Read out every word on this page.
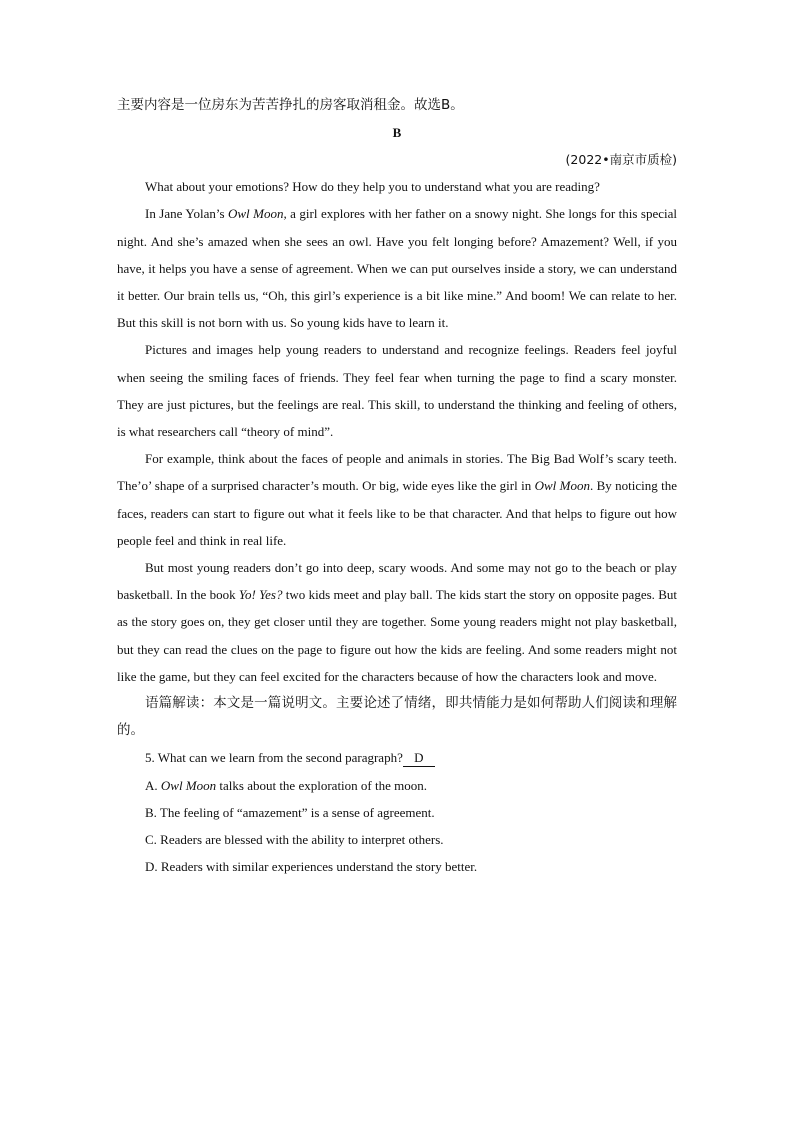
主要内容是一位房东为苦苦挣扎的房客取消租金。故选B。

B

(2022•南京市质检)

What about your emotions? How do they help you to understand what you are reading?

In Jane Yolan’s Owl Moon, a girl explores with her father on a snowy night. She longs for this special night. And she’s amazed when she sees an owl. Have you felt longing before? Amazement? Well, if you have, it helps you have a sense of agreement. When we can put ourselves inside a story, we can understand it better. Our brain tells us, “Oh, this girl’s experience is a bit like mine.” And boom! We can relate to her. But this skill is not born with us. So young kids have to learn it.

Pictures and images help young readers to understand and recognize feelings. Readers feel joyful when seeing the smiling faces of friends. They feel fear when turning the page to find a scary monster. They are just pictures, but the feelings are real. This skill, to understand the thinking and feeling of others, is what researchers call “theory of mind”.

For example, think about the faces of people and animals in stories. The Big Bad Wolf’s scary teeth. The’o’ shape of a surprised character’s mouth. Or big, wide eyes like the girl in Owl Moon. By noticing the faces, readers can start to figure out what it feels like to be that character. And that helps to figure out how people feel and think in real life.

But most young readers don’t go into deep, scary woods. And some may not go to the beach or play basketball. In the book Yo! Yes? two kids meet and play ball. The kids start the story on opposite pages. But as the story goes on, they get closer until they are together. Some young readers might not play basketball, but they can read the clues on the page to figure out how the kids are feeling. And some readers might not like the game, but they can feel excited for the characters because of how the characters look and move.

语篇解读：本文是一篇说明文。主要论述了情绪，即共情能力是如何帮助人们阅读和理解的。

5. What can we learn from the second paragraph? D

A. Owl Moon talks about the exploration of the moon.

B. The feeling of “amazement” is a sense of agreement.

C. Readers are blessed with the ability to interpret others.

D. Readers with similar experiences understand the story better.
